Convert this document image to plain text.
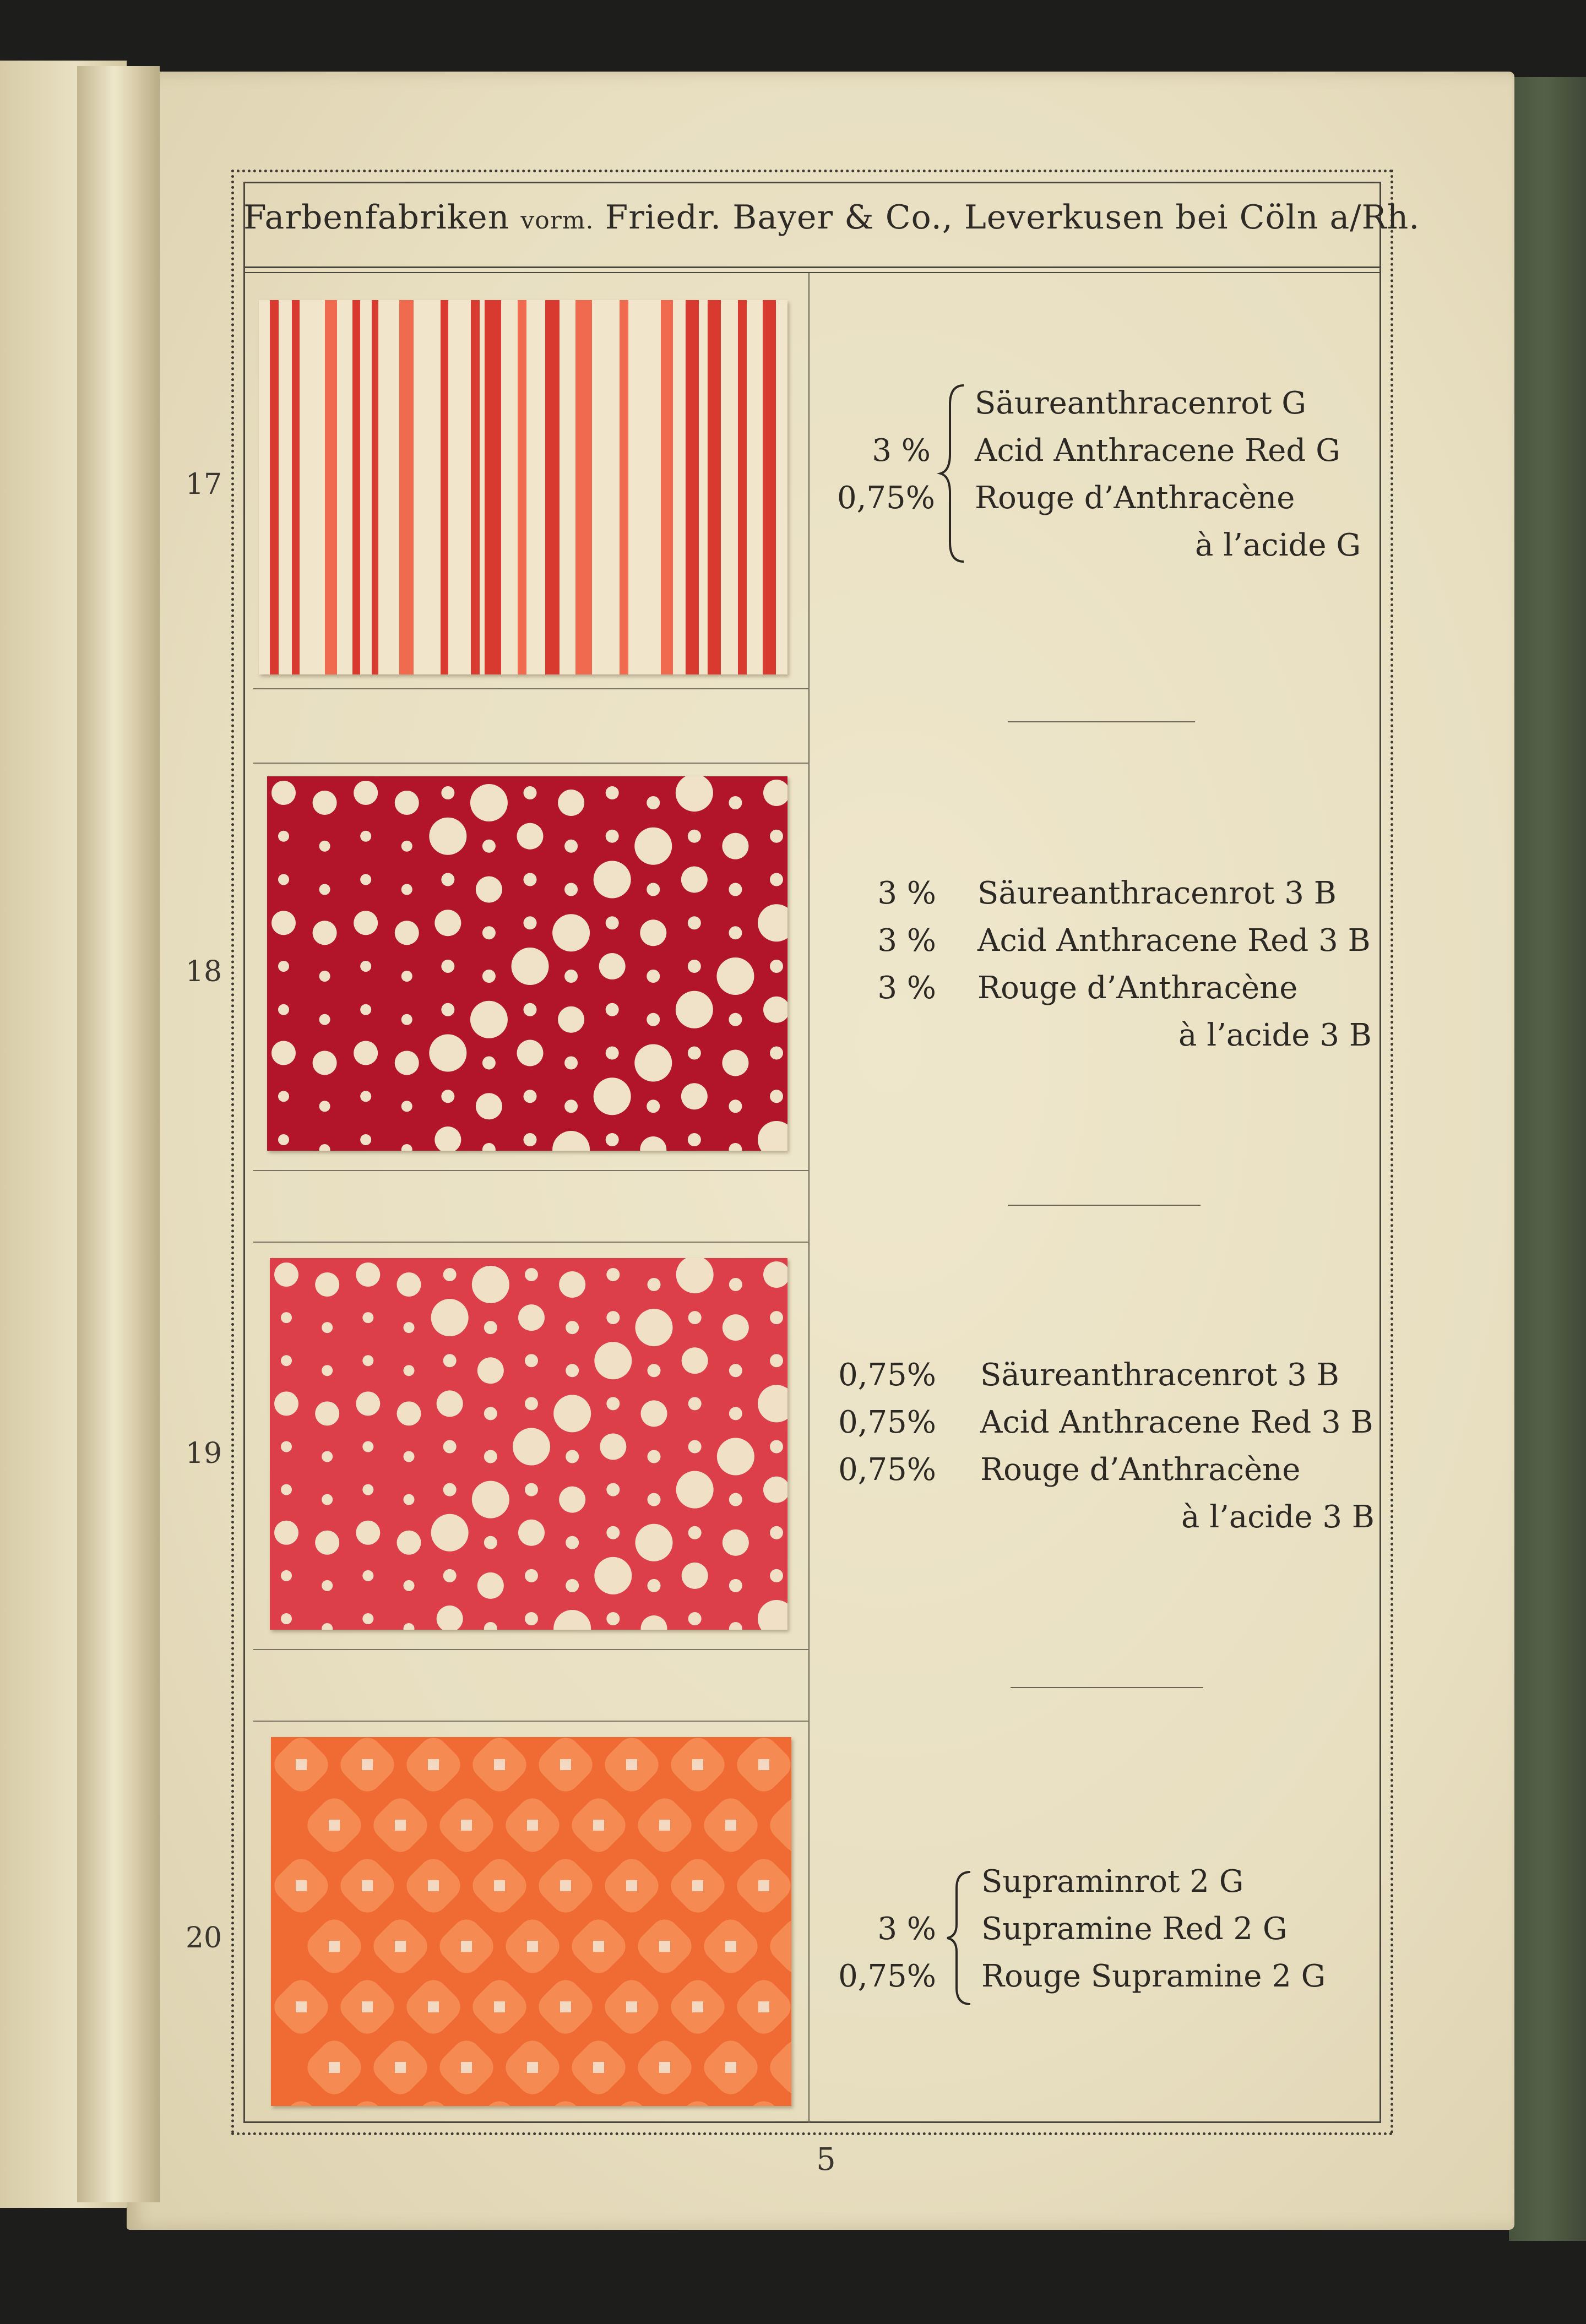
Farbenfabriken vorm. Friedr. Bayer & Co., Leverkusen bei Cöln a/Rh.
17
Säureanthracenrot G
3 % Acid Anthracene Red G
0,75% Rouge d’Anthracène
à l’acide G
18
3 % Säureanthracenrot 3 B
3 % Acid Anthracene Red 3 B
3 % Rouge d’Anthracène
à l’acide 3 B
19
0,75% Säureanthracenrot 3 B
0,75% Acid Anthracene Red 3 B
0,75% Rouge d’Anthracène
à l’acide 3 B
20
Supraminrot 2 G
3 % Supramine Red 2 G
0,75% Rouge Supramine 2 G
5
